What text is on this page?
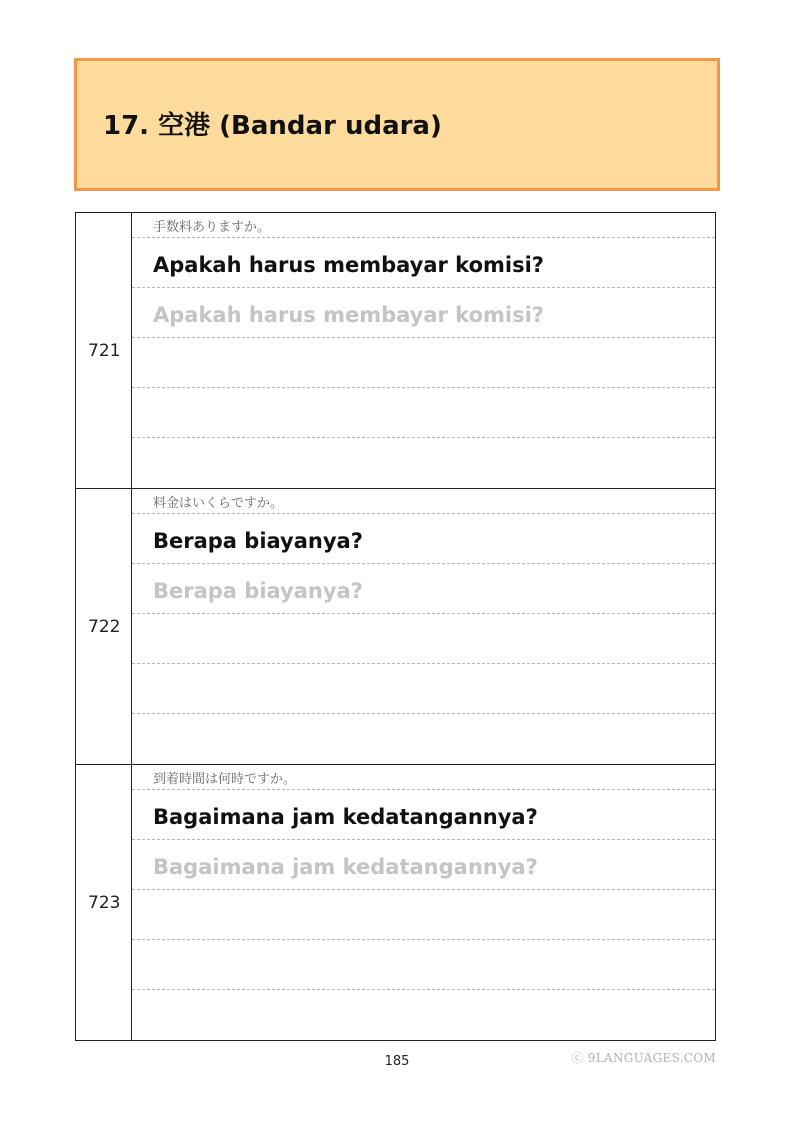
17. 空港 (Bandar udara)
721
手数料ありますか。
Apakah harus membayar komisi?
Apakah harus membayar komisi?
722
料金はいくらですか。
Berapa biayanya?
Berapa biayanya?
723
到着時間は何時ですか。
Bagaimana jam kedatangannya?
Bagaimana jam kedatangannya?
185	ⓒ 9LANGUAGES.COM
